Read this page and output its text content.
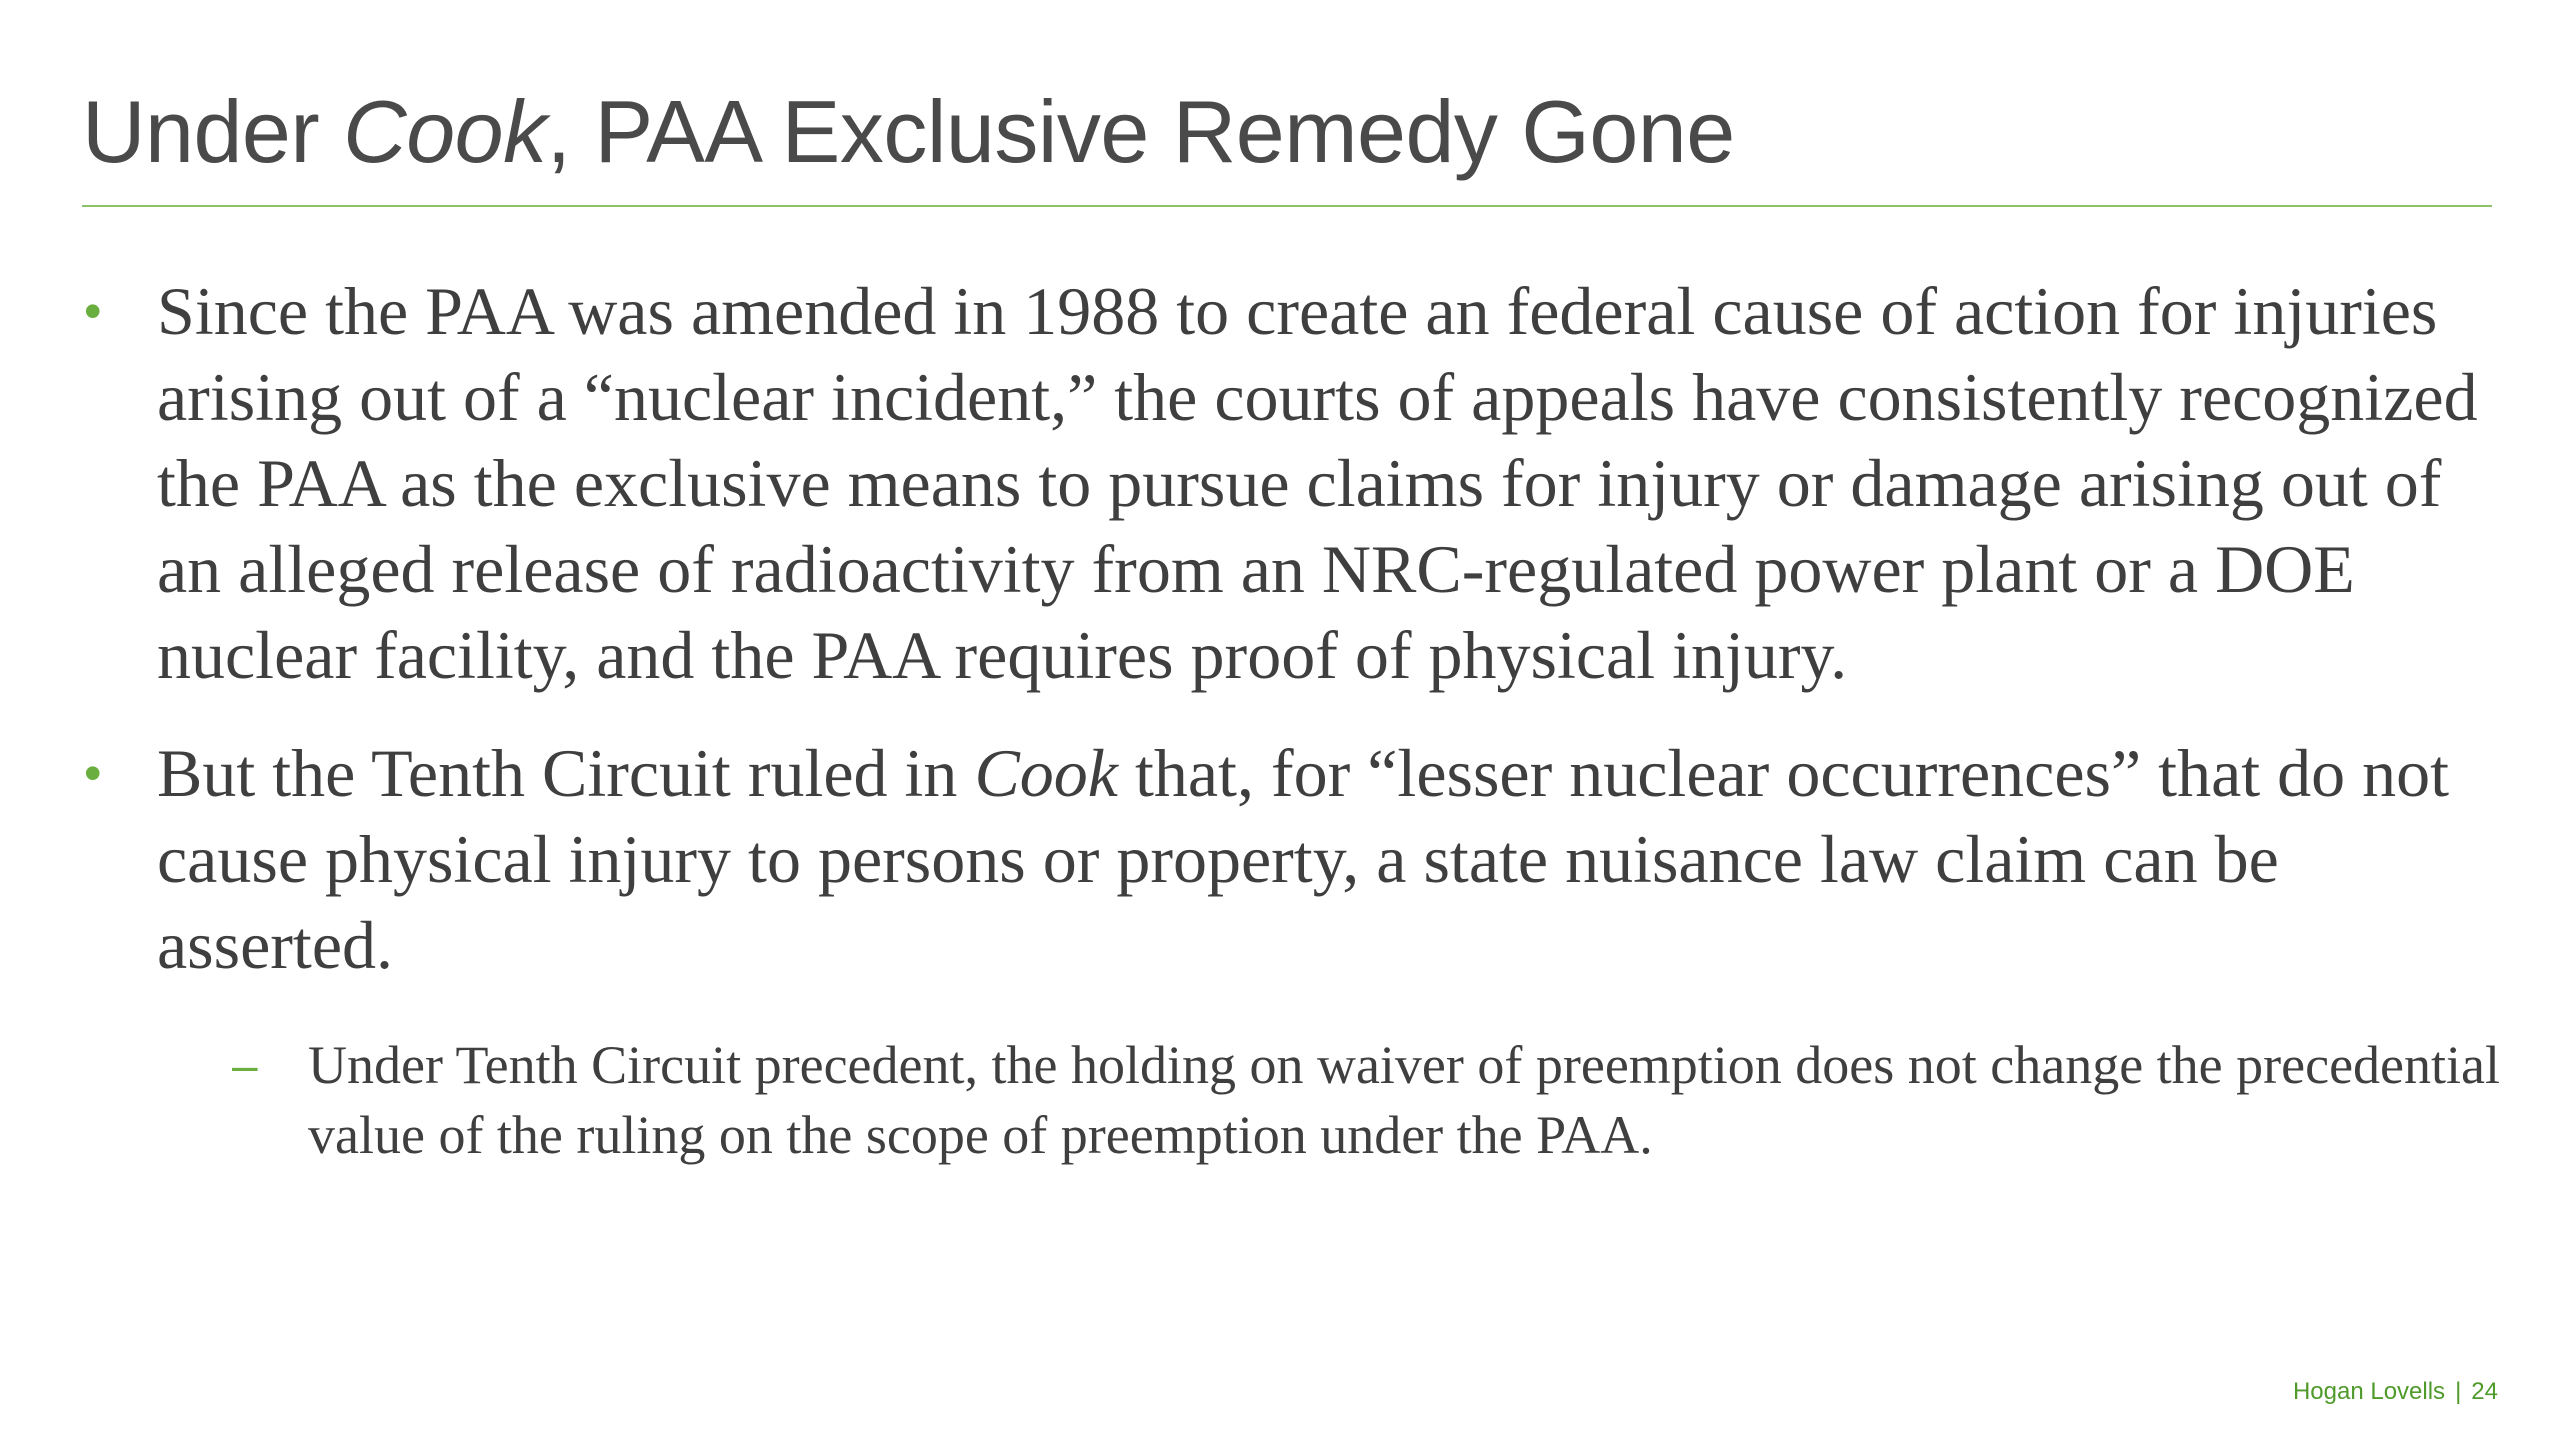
Under Cook, PAA Exclusive Remedy Gone
• Since the PAA was amended in 1988 to create an federal cause of action for injuries arising out of a “nuclear incident,” the courts of appeals have consistently recognized the PAA as the exclusive means to pursue claims for injury or damage arising out of an alleged release of radioactivity from an NRC-regulated power plant or a DOE nuclear facility, and the PAA requires proof of physical injury.
• But the Tenth Circuit ruled in Cook that, for “lesser nuclear occurrences” that do not cause physical injury to persons or property, a state nuisance law claim can be asserted.
– Under Tenth Circuit precedent, the holding on waiver of preemption does not change the precedential value of the ruling on the scope of preemption under the PAA.
Hogan Lovells | 24
